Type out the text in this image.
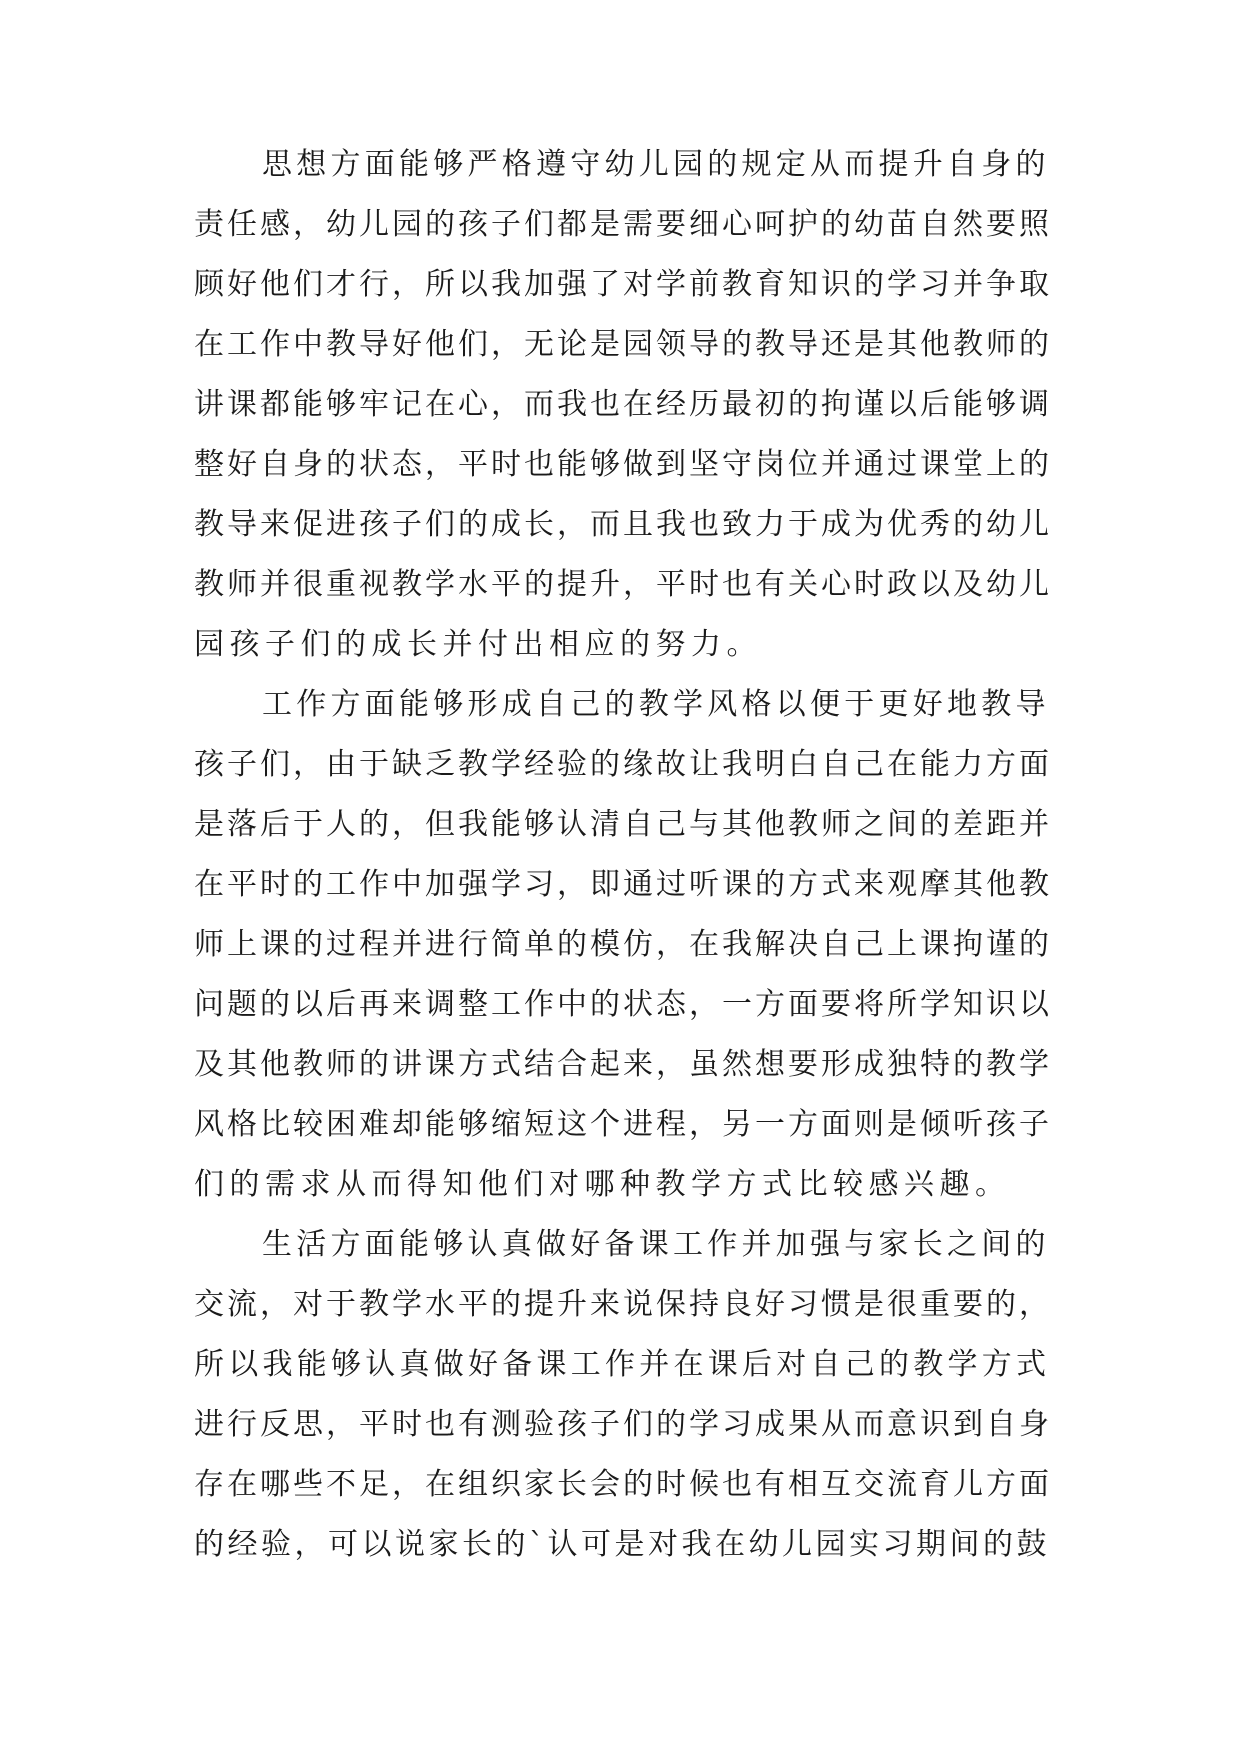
思想方面能够严格遵守幼儿园的规定从而提升自身的
责任感，幼儿园的孩子们都是需要细心呵护的幼苗自然要照
顾好他们才行，所以我加强了对学前教育知识的学习并争取
在工作中教导好他们，无论是园领导的教导还是其他教师的
讲课都能够牢记在心，而我也在经历最初的拘谨以后能够调
整好自身的状态，平时也能够做到坚守岗位并通过课堂上的
教导来促进孩子们的成长，而且我也致力于成为优秀的幼儿
教师并很重视教学水平的提升，平时也有关心时政以及幼儿
园孩子们的成长并付出相应的努力。
工作方面能够形成自己的教学风格以便于更好地教导
孩子们，由于缺乏教学经验的缘故让我明白自己在能力方面
是落后于人的，但我能够认清自己与其他教师之间的差距并
在平时的工作中加强学习，即通过听课的方式来观摩其他教
师上课的过程并进行简单的模仿，在我解决自己上课拘谨的
问题的以后再来调整工作中的状态，一方面要将所学知识以
及其他教师的讲课方式结合起来，虽然想要形成独特的教学
风格比较困难却能够缩短这个进程，另一方面则是倾听孩子
们的需求从而得知他们对哪种教学方式比较感兴趣。
生活方面能够认真做好备课工作并加强与家长之间的
交流，对于教学水平的提升来说保持良好习惯是很重要的，
所以我能够认真做好备课工作并在课后对自己的教学方式
进行反思，平时也有测验孩子们的学习成果从而意识到自身
存在哪些不足，在组织家长会的时候也有相互交流育儿方面
的经验，可以说家长的`认可是对我在幼儿园实习期间的鼓
